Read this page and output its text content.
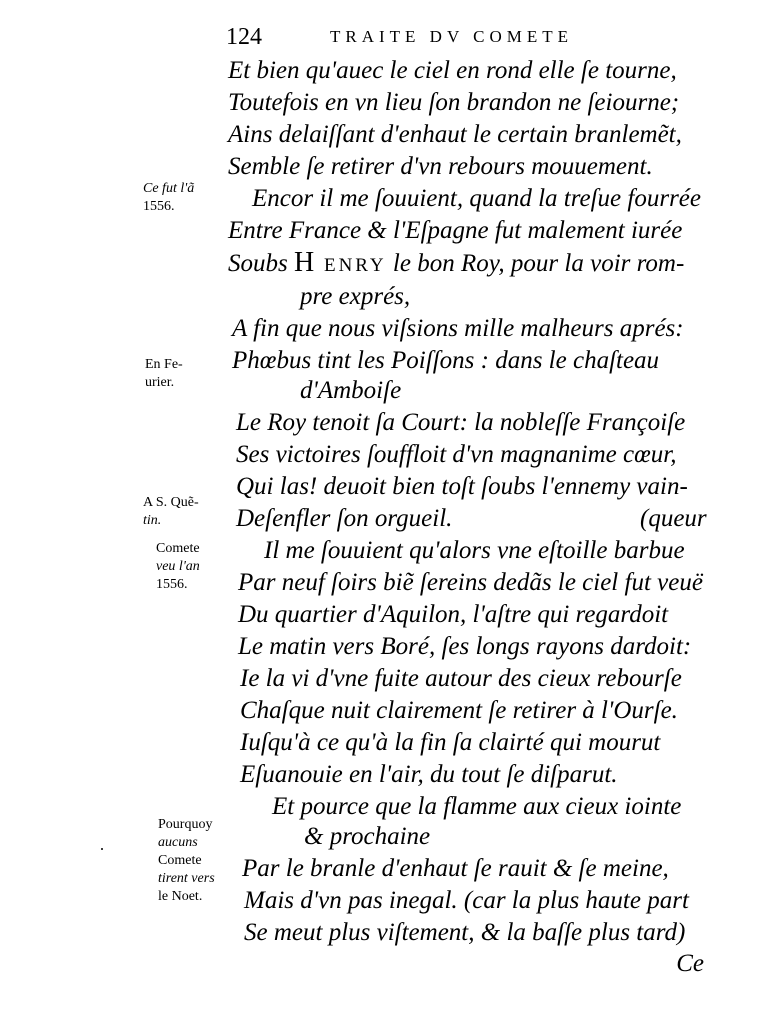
124	TRAITE DV COMETE
Et bien qu'auec le ciel en rond elle ſe tourne,
Toutefois en vn lieu ſon brandon ne ſeiourne;
Ains delaiſſant d'enhaut le certain branlemẽt,
Semble ſe retirer d'vn rebours mouuement.
Encor il me ſouuient, quand la treſue fourrée
Entre France & l'Eſpagne fut malement iurée
Soubs H ENRY le bon Roy, pour la voir rom-
pre exprés,
A fin que nous viſsions mille malheurs aprés:
Phœbus tint les Poiſſons : dans le chaſteau
d'Amboiſe
Le Roy tenoit ſa Court: la nobleſſe Françoiſe
Ses victoires ſouffloit d'vn magnanime cœur,
Qui las! deuoit bien toſt ſoubs l'ennemy vain-
Deſenfler ſon orgueil.	(queur
Il me ſouuient qu'alors vne eſtoille barbue
Par neuf ſoirs biẽ ſereins dedãs le ciel fut veuë
Du quartier d'Aquilon, l'aſtre qui regardoit
Le matin vers Boré, ſes longs rayons dardoit:
Ie la vi d'vne fuite autour des cieux rebourſe
Chaſque nuit clairement ſe retirer à l'Ourſe.
Iuſqu'à ce qu'à la fin ſa clairté qui mourut
Eſuanouie en l'air, du tout ſe diſparut.
Et pource que la flamme aux cieux iointe
& prochaine
Par le branle d'enhaut ſe rauit & ſe meine,
Mais d'vn pas inegal. (car la plus haute part
Se meut plus viſtement, & la baſſe plus tard)
Ce
Ce fut l'ã
1556.
En Fe-
urier.
A S. Quẽ-
tin.
Comete
veu l'an
1556.
Pourquoy
aucuns
Comete
tirent vers
le Noet.
